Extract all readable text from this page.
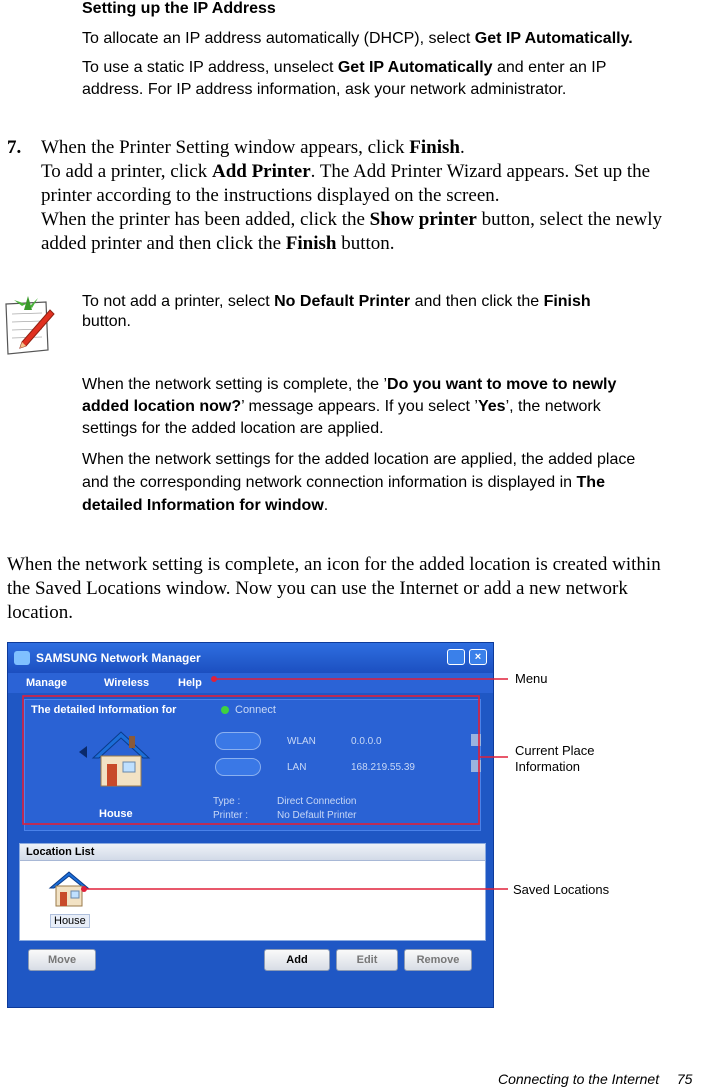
Setting up the IP Address
To allocate an IP address automatically (DHCP), select Get IP Automatically.
To use a static IP address, unselect Get IP Automatically and enter an IP
address. For IP address information, ask your network administrator.
7. When the Printer Setting window appears, click Finish.
To add a printer, click Add Printer. The Add Printer Wizard appears. Set up the
printer according to the instructions displayed on the screen.
When the printer has been added, click the Show printer button, select the newly
added printer and then click the Finish button.
To not add a printer, select No Default Printer and then click the Finish
button.
When the network setting is complete, the ’Do you want to move to newly
added location now?’ message appears. If you select ’Yes’, the network
settings for the added location are applied.
When the network settings for the added location are applied, the added place
and the corresponding network connection information is displayed in The
detailed Information for window.
When the network setting is complete, an icon for the added location is created within
the Saved Locations window. Now you can use the Internet or add a new network
location.
SAMSUNG Network Manager	×
Manage	Wireless	Help
The detailed Information for	Connect
House
WLAN	0.0.0.0
LAN	168.219.55.39
Type :	Direct Connection
Printer :	No Default Printer
Location List
House
Move	Add	Edit	Remove
Menu
Current Place
Information
Saved Locations
Connecting to the Internet 75
